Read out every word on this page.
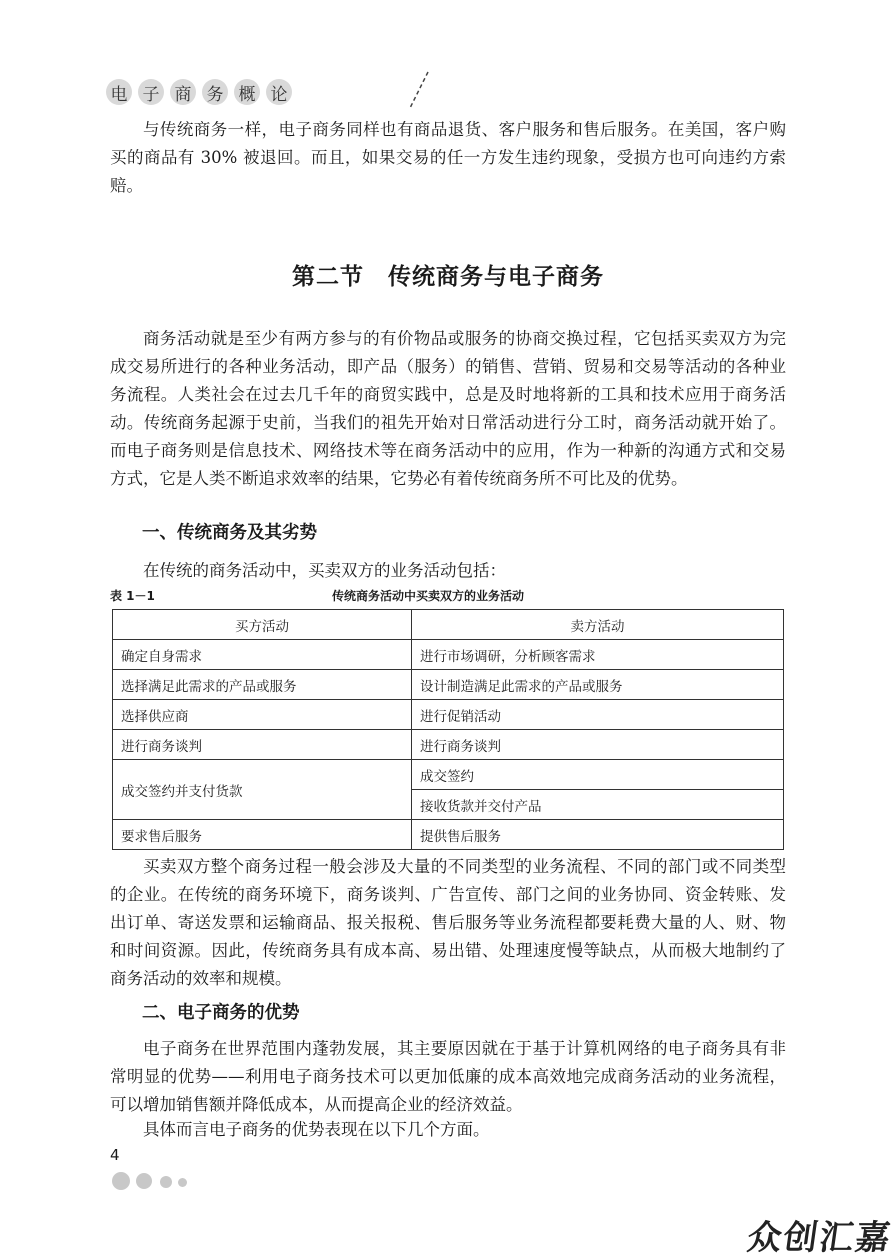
电 子 商 务 概 论

与传统商务一样，电子商务同样也有商品退货、客户服务和售后服务。在美国，客户购买的商品有 30% 被退回。而且，如果交易的任一方发生违约现象，受损方也可向违约方索赔。

第二节　传统商务与电子商务

商务活动就是至少有两方参与的有价物品或服务的协商交换过程，它包括买卖双方为完成交易所进行的各种业务活动，即产品（服务）的销售、营销、贸易和交易等活动的各种业务流程。人类社会在过去几千年的商贸实践中，总是及时地将新的工具和技术应用于商务活动。传统商务起源于史前，当我们的祖先开始对日常活动进行分工时，商务活动就开始了。而电子商务则是信息技术、网络技术等在商务活动中的应用，作为一种新的沟通方式和交易方式，它是人类不断追求效率的结果，它势必有着传统商务所不可比及的优势。

一、传统商务及其劣势

在传统的商务活动中，买卖双方的业务活动包括：

表 1－1	传统商务活动中买卖双方的业务活动
买方活动	卖方活动
确定自身需求	进行市场调研，分析顾客需求
选择满足此需求的产品或服务	设计制造满足此需求的产品或服务
选择供应商	进行促销活动
进行商务谈判	进行商务谈判
成交签约并支付货款	成交签约
	接收货款并交付产品
要求售后服务	提供售后服务

买卖双方整个商务过程一般会涉及大量的不同类型的业务流程、不同的部门或不同类型的企业。在传统的商务环境下，商务谈判、广告宣传、部门之间的业务协同、资金转账、发出订单、寄送发票和运输商品、报关报税、售后服务等业务流程都要耗费大量的人、财、物和时间资源。因此，传统商务具有成本高、易出错、处理速度慢等缺点，从而极大地制约了商务活动的效率和规模。

二、电子商务的优势

电子商务在世界范围内蓬勃发展，其主要原因就在于基于计算机网络的电子商务具有非常明显的优势——利用电子商务技术可以更加低廉的成本高效地完成商务活动的业务流程，可以增加销售额并降低成本，从而提高企业的经济效益。

具体而言电子商务的优势表现在以下几个方面。

4
众创汇嘉
